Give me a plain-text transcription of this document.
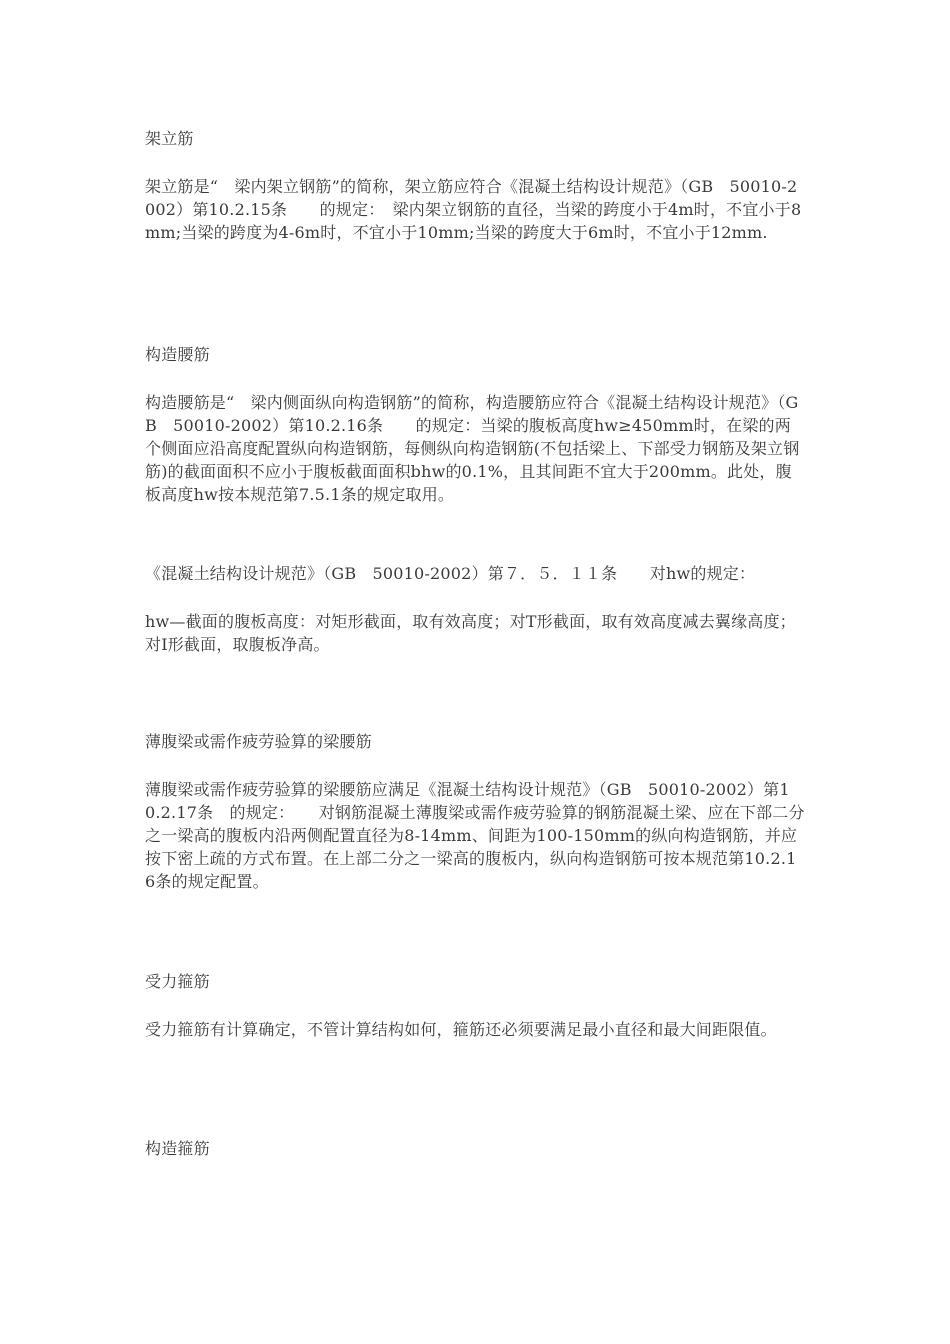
架立筋

架立筋是“　梁内架立钢筋”的简称，架立筋应符合《混凝土结构设计规范》（GB　50010-2002）第10.2.15条　　的规定：　梁内架立钢筋的直径，当梁的跨度小于4m时，不宜小于8mm;当梁的跨度为4-6m时，不宜小于10mm;当梁的跨度大于6m时，不宜小于12mm.

构造腰筋

构造腰筋是“　梁内侧面纵向构造钢筋”的简称，构造腰筋应符合《混凝土结构设计规范》（GB　50010-2002）第10.2.16条　　的规定：当梁的腹板高度hw≥450mm时，在梁的两个侧面应沿高度配置纵向构造钢筋，每侧纵向构造钢筋(不包括梁上、下部受力钢筋及架立钢筋)的截面面积不应小于腹板截面面积bhw的0.1%，且其间距不宜大于200mm。此处，腹板高度hw按本规范第7.5.1条的规定取用。

《混凝土结构设计规范》（GB　50010-2002）第７．５．１１条　　对hw的规定：

hw—截面的腹板高度：对矩形截面，取有效高度；对T形截面，取有效高度减去翼缘高度；对I形截面，取腹板净高。

薄腹梁或需作疲劳验算的梁腰筋

薄腹梁或需作疲劳验算的梁腰筋应满足《混凝土结构设计规范》（GB　50010-2002）第10.2.17条　的规定：　　对钢筋混凝土薄腹梁或需作疲劳验算的钢筋混凝土梁、应在下部二分之一梁高的腹板内沿两侧配置直径为8-14mm、间距为100-150mm的纵向构造钢筋，并应按下密上疏的方式布置。在上部二分之一梁高的腹板内，纵向构造钢筋可按本规范第10.2.16条的规定配置。

受力箍筋

受力箍筋有计算确定，不管计算结构如何，箍筋还必须要满足最小直径和最大间距限值。

构造箍筋
